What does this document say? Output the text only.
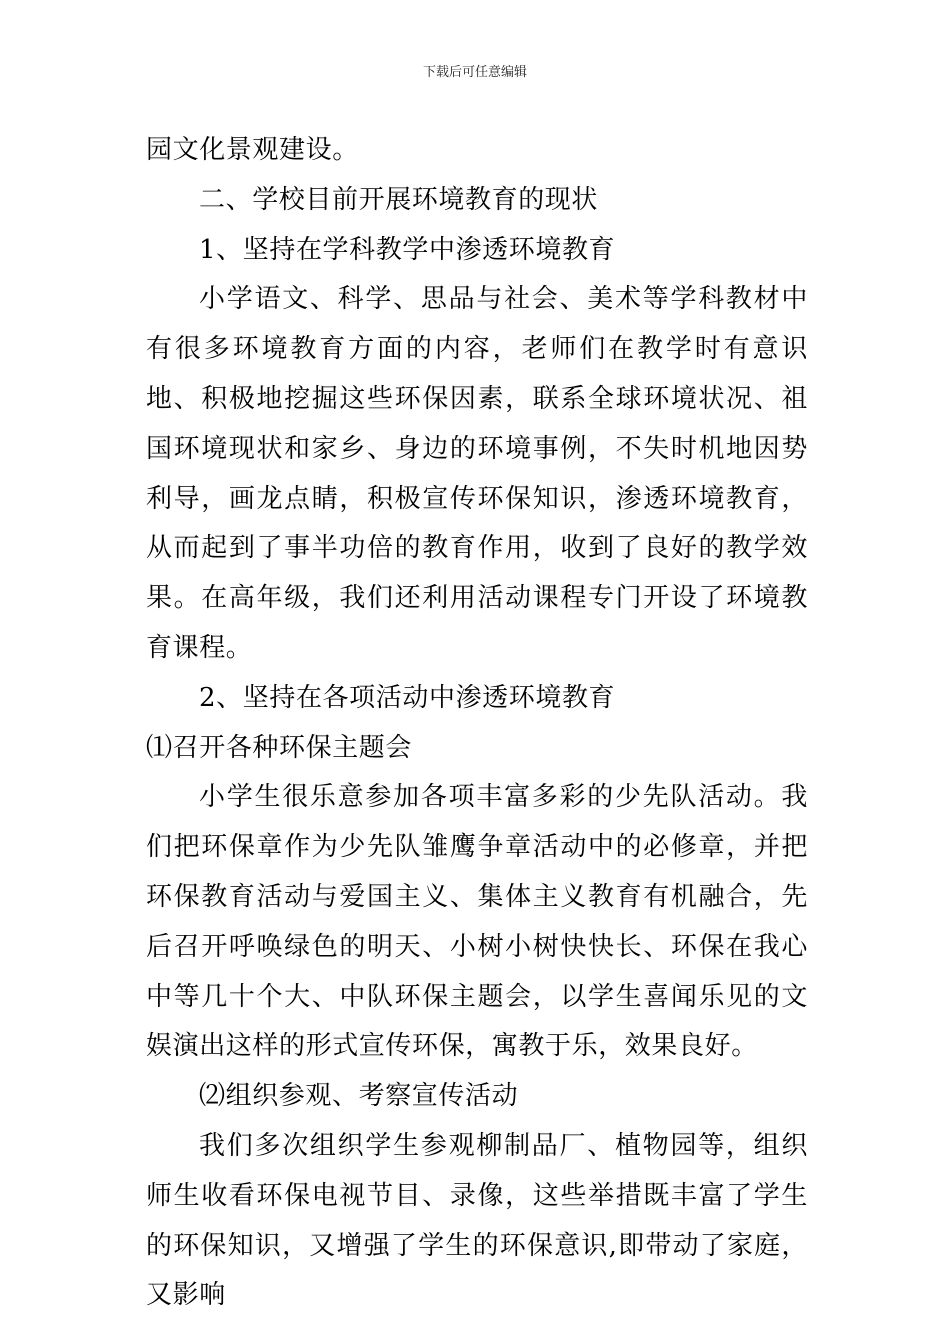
下载后可任意编辑

园文化景观建设。

二、学校目前开展环境教育的现状

1、坚持在学科教学中渗透环境教育

小学语文、科学、思品与社会、美术等学科教材中有很多环境教育方面的内容，老师们在教学时有意识地、积极地挖掘这些环保因素，联系全球环境状况、祖国环境现状和家乡、身边的环境事例，不失时机地因势利导，画龙点睛，积极宣传环保知识，渗透环境教育，从而起到了事半功倍的教育作用，收到了良好的教学效果。在高年级，我们还利用活动课程专门开设了环境教育课程。

2、坚持在各项活动中渗透环境教育

⑴召开各种环保主题会

小学生很乐意参加各项丰富多彩的少先队活动。我们把环保章作为少先队雏鹰争章活动中的必修章，并把环保教育活动与爱国主义、集体主义教育有机融合，先后召开呼唤绿色的明天、小树小树快快长、环保在我心中等几十个大、中队环保主题会，以学生喜闻乐见的文娱演出这样的形式宣传环保，寓教于乐，效果良好。

⑵组织参观、考察宣传活动

我们多次组织学生参观柳制品厂、植物园等，组织师生收看环保电视节目、录像，这些举措既丰富了学生的环保知识，又增强了学生的环保意识,即带动了家庭，又影响
